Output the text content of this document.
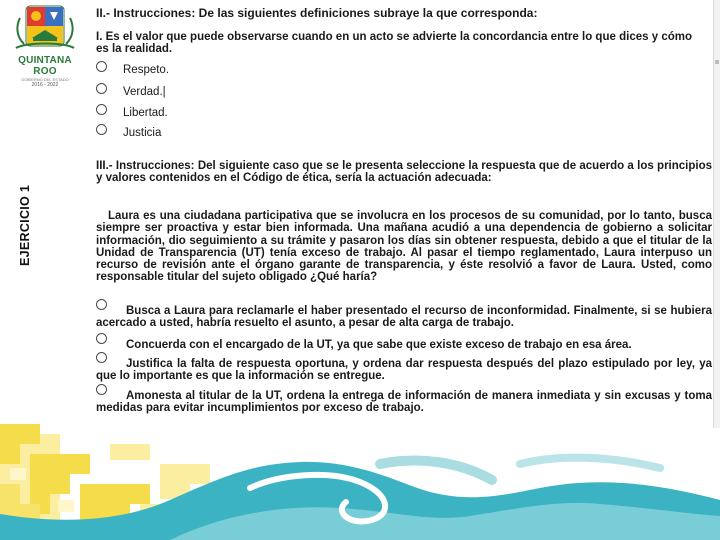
QUINTANA ROO
GOBIERNO DEL ESTADO
2016 - 2022
EJERCICIO 1
II.- Instrucciones: De las siguientes definiciones subraye la que corresponda:
I. Es el valor que puede observarse cuando en un acto se advierte la concordancia entre lo que dices y cómo es la realidad.
Respeto.
Verdad.|
Libertad.
Justicia
III.- Instrucciones: Del siguiente caso que se le presenta seleccione la respuesta que de acuerdo a los principios y valores contenidos en el Código de ética, sería la actuación adecuada:
Laura es una ciudadana participativa que se involucra en los procesos de su comunidad, por lo tanto, busca siempre ser proactiva y estar bien informada. Una mañana acudió a una dependencia de gobierno a solicitar información, dio seguimiento a su trámite y pasaron los días sin obtener respuesta, debido a que el titular de la Unidad de Transparencia (UT) tenía exceso de trabajo. Al pasar el tiempo reglamentado, Laura interpuso un recurso de revisión ante el órgano garante de transparencia, y éste resolvió a favor de Laura. Usted, como responsable titular del sujeto obligado ¿Qué haría?

Busca a Laura para reclamarle el haber presentado el recurso de inconformidad. Finalmente, si se hubiera acercado a usted, habría resuelto el asunto, a pesar de alta carga de trabajo.

Concuerda con el encargado de la UT, ya que sabe que existe exceso de trabajo en esa área.

Justifica la falta de respuesta oportuna, y ordena dar respuesta después del plazo estipulado por ley, ya que lo importante es que la información se entregue.

Amonesta al titular de la UT, ordena la entrega de información de manera inmediata y sin excusas y toma medidas para evitar incumplimientos por exceso de trabajo.
